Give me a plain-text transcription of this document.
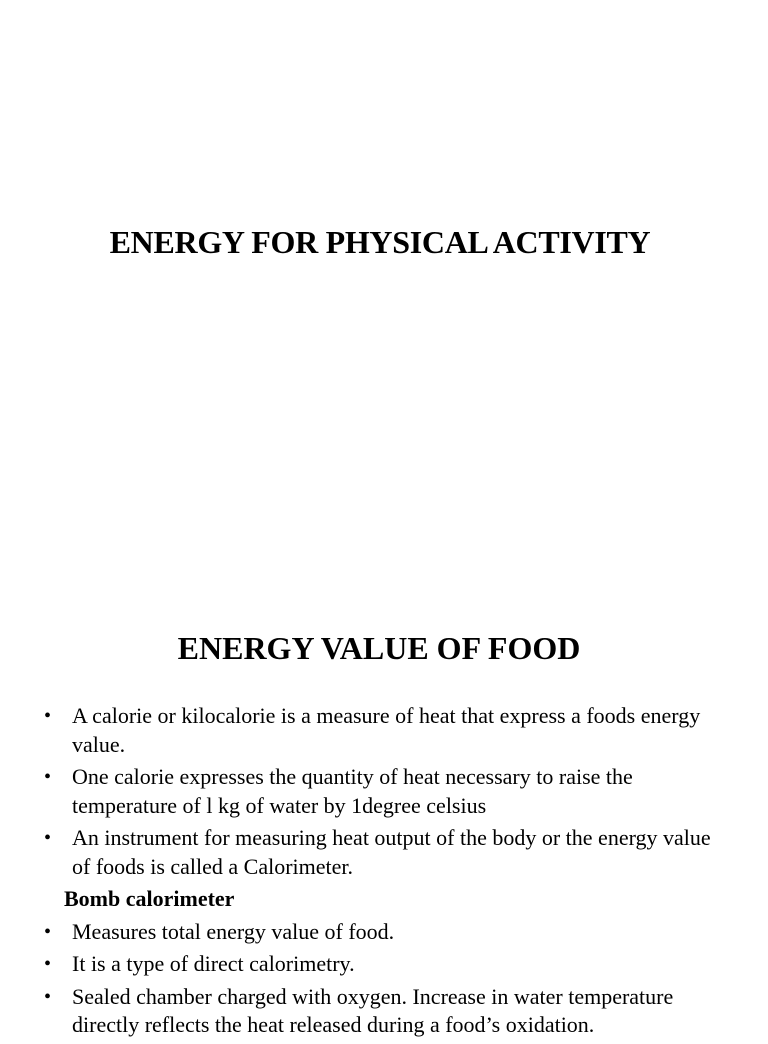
ENERGY FOR PHYSICAL ACTIVITY
ENERGY VALUE OF FOOD
• A calorie or kilocalorie is a measure of heat that express a foods energy value.
• One calorie expresses the quantity of heat necessary to raise the temperature of l kg of water by 1degree celsius
• An instrument for measuring heat output of the body or the energy value of foods is called a Calorimeter.
Bomb calorimeter
• Measures total energy value of food.
• It is a type of direct calorimetry.
• Sealed chamber charged with oxygen. Increase in water temperature directly reflects the heat released during a food’s oxidation.
